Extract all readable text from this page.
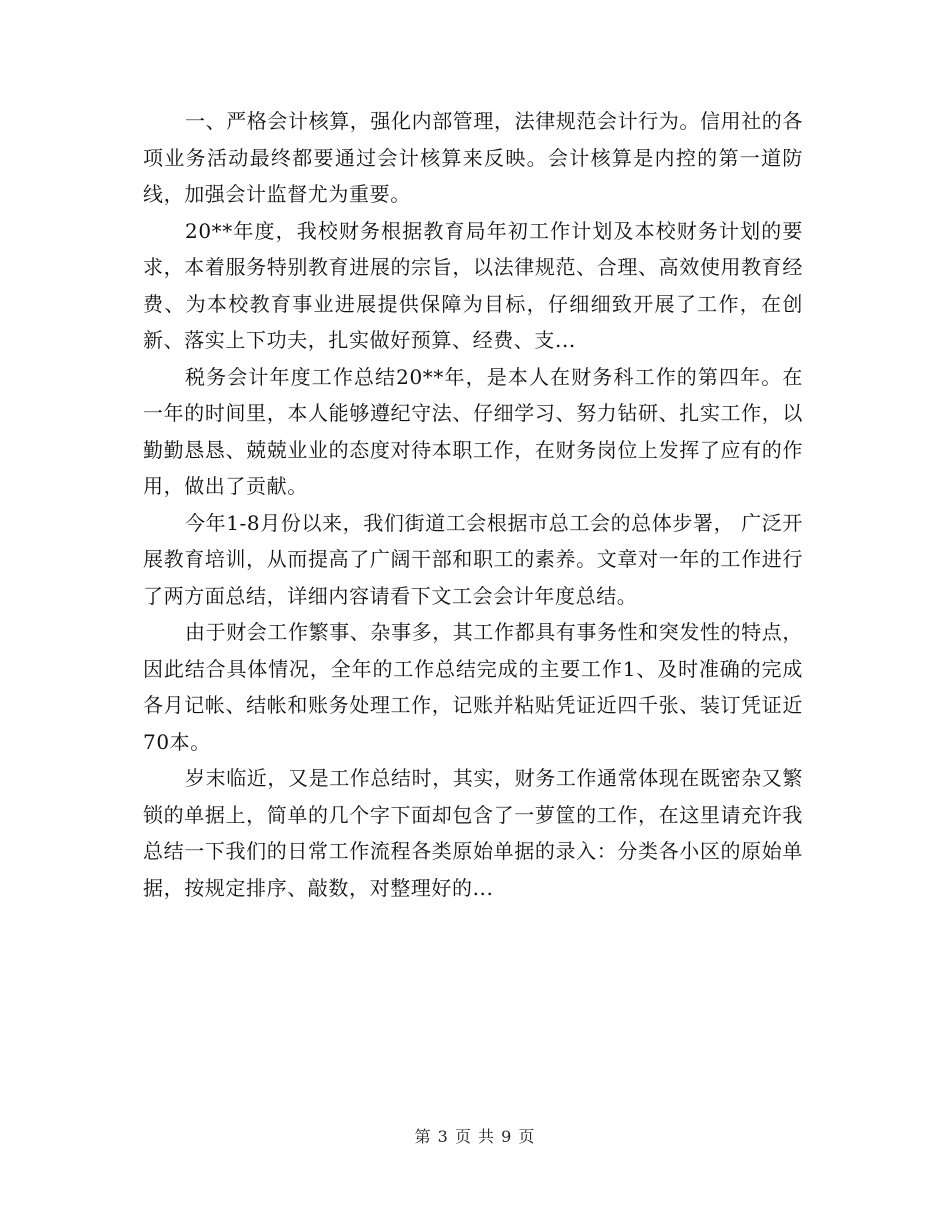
一、严格会计核算，强化内部管理，法律规范会计行为。信用社的各项业务活动最终都要通过会计核算来反映。会计核算是内控的第一道防线，加强会计监督尤为重要。

20**年度，我校财务根据教育局年初工作计划及本校财务计划的要求，本着服务特别教育进展的宗旨，以法律规范、合理、高效使用教育经费、为本校教育事业进展提供保障为目标，仔细细致开展了工作，在创新、落实上下功夫，扎实做好预算、经费、支...

税务会计年度工作总结20**年，是本人在财务科工作的第四年。在一年的时间里，本人能够遵纪守法、仔细学习、努力钻研、扎实工作，以勤勤恳恳、兢兢业业的态度对待本职工作，在财务岗位上发挥了应有的作用，做出了贡献。

今年1-8月份以来，我们街道工会根据市总工会的总体步署， 广泛开展教育培训，从而提高了广阔干部和职工的素养。文章对一年的工作进行了两方面总结，详细内容请看下文工会会计年度总结。

由于财会工作繁事、杂事多，其工作都具有事务性和突发性的特点，因此结合具体情况，全年的工作总结完成的主要工作1、及时准确的完成各月记帐、结帐和账务处理工作，记账并粘贴凭证近四千张、装订凭证近70本。

岁末临近，又是工作总结时，其实，财务工作通常体现在既密杂又繁锁的单据上，简单的几个字下面却包含了一萝筐的工作，在这里请充许我总结一下我们的日常工作流程各类原始单据的录入：分类各小区的原始单据，按规定排序、敲数，对整理好的...

第 3 页 共 9 页
